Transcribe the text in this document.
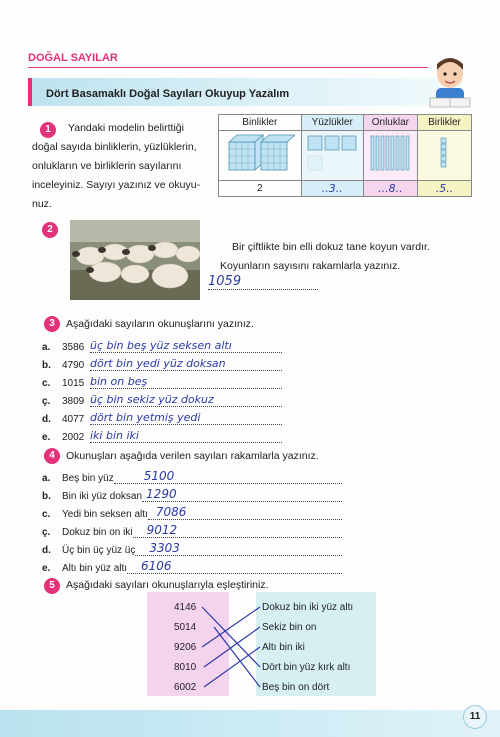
DOĞAL SAYILAR
Dört Basamaklı Doğal Sayıları Okuyup Yazalım
1	Yandaki modelin belirttiği
doğal sayıda binliklerin, yüzlüklerin,
onlukların ve birliklerin sayılarını
inceleyiniz. Sayıyı yazınız ve okuyu-
nuz.
Binlikler	Yüzlükler	Onluklar	Birlikler

2	..3..	...8..	.5..
2
Bir çiftlikte bin elli dokuz tane koyun vardır.
Koyunların sayısını rakamlarla yazınız.
1059
3	Aşağıdaki sayıların okunuşlarını yazınız.
a.	3586 üç bin beş yüz seksen altı
b.	4790 dört bin yedi yüz doksan
c.	1015 bin on beş
ç.	3809 üç bin sekiz yüz dokuz
d.	4077 dört bin yetmiş yedi
e.	2002 iki bin iki
4	Okunuşları aşağıda verilen sayıları rakamlarla yazınız.
a.	Beş bin yüz	5100
b.	Bin iki yüz doksan 1290
c.	Yedi bin seksen altı 7086
ç.	Dokuz bin on iki	9012
d.	Üç bin üç yüz üç	3303
e.	Altı bin yüz altı	6106
5	Aşağıdaki sayıları okunuşlarıyla eşleştiriniz.
4146
5014
9206
8010
6002
Dokuz bin iki yüz altı
Sekiz bin on
Altı bin iki
Dört bin yüz kırk altı
Beş bin on dört
11
